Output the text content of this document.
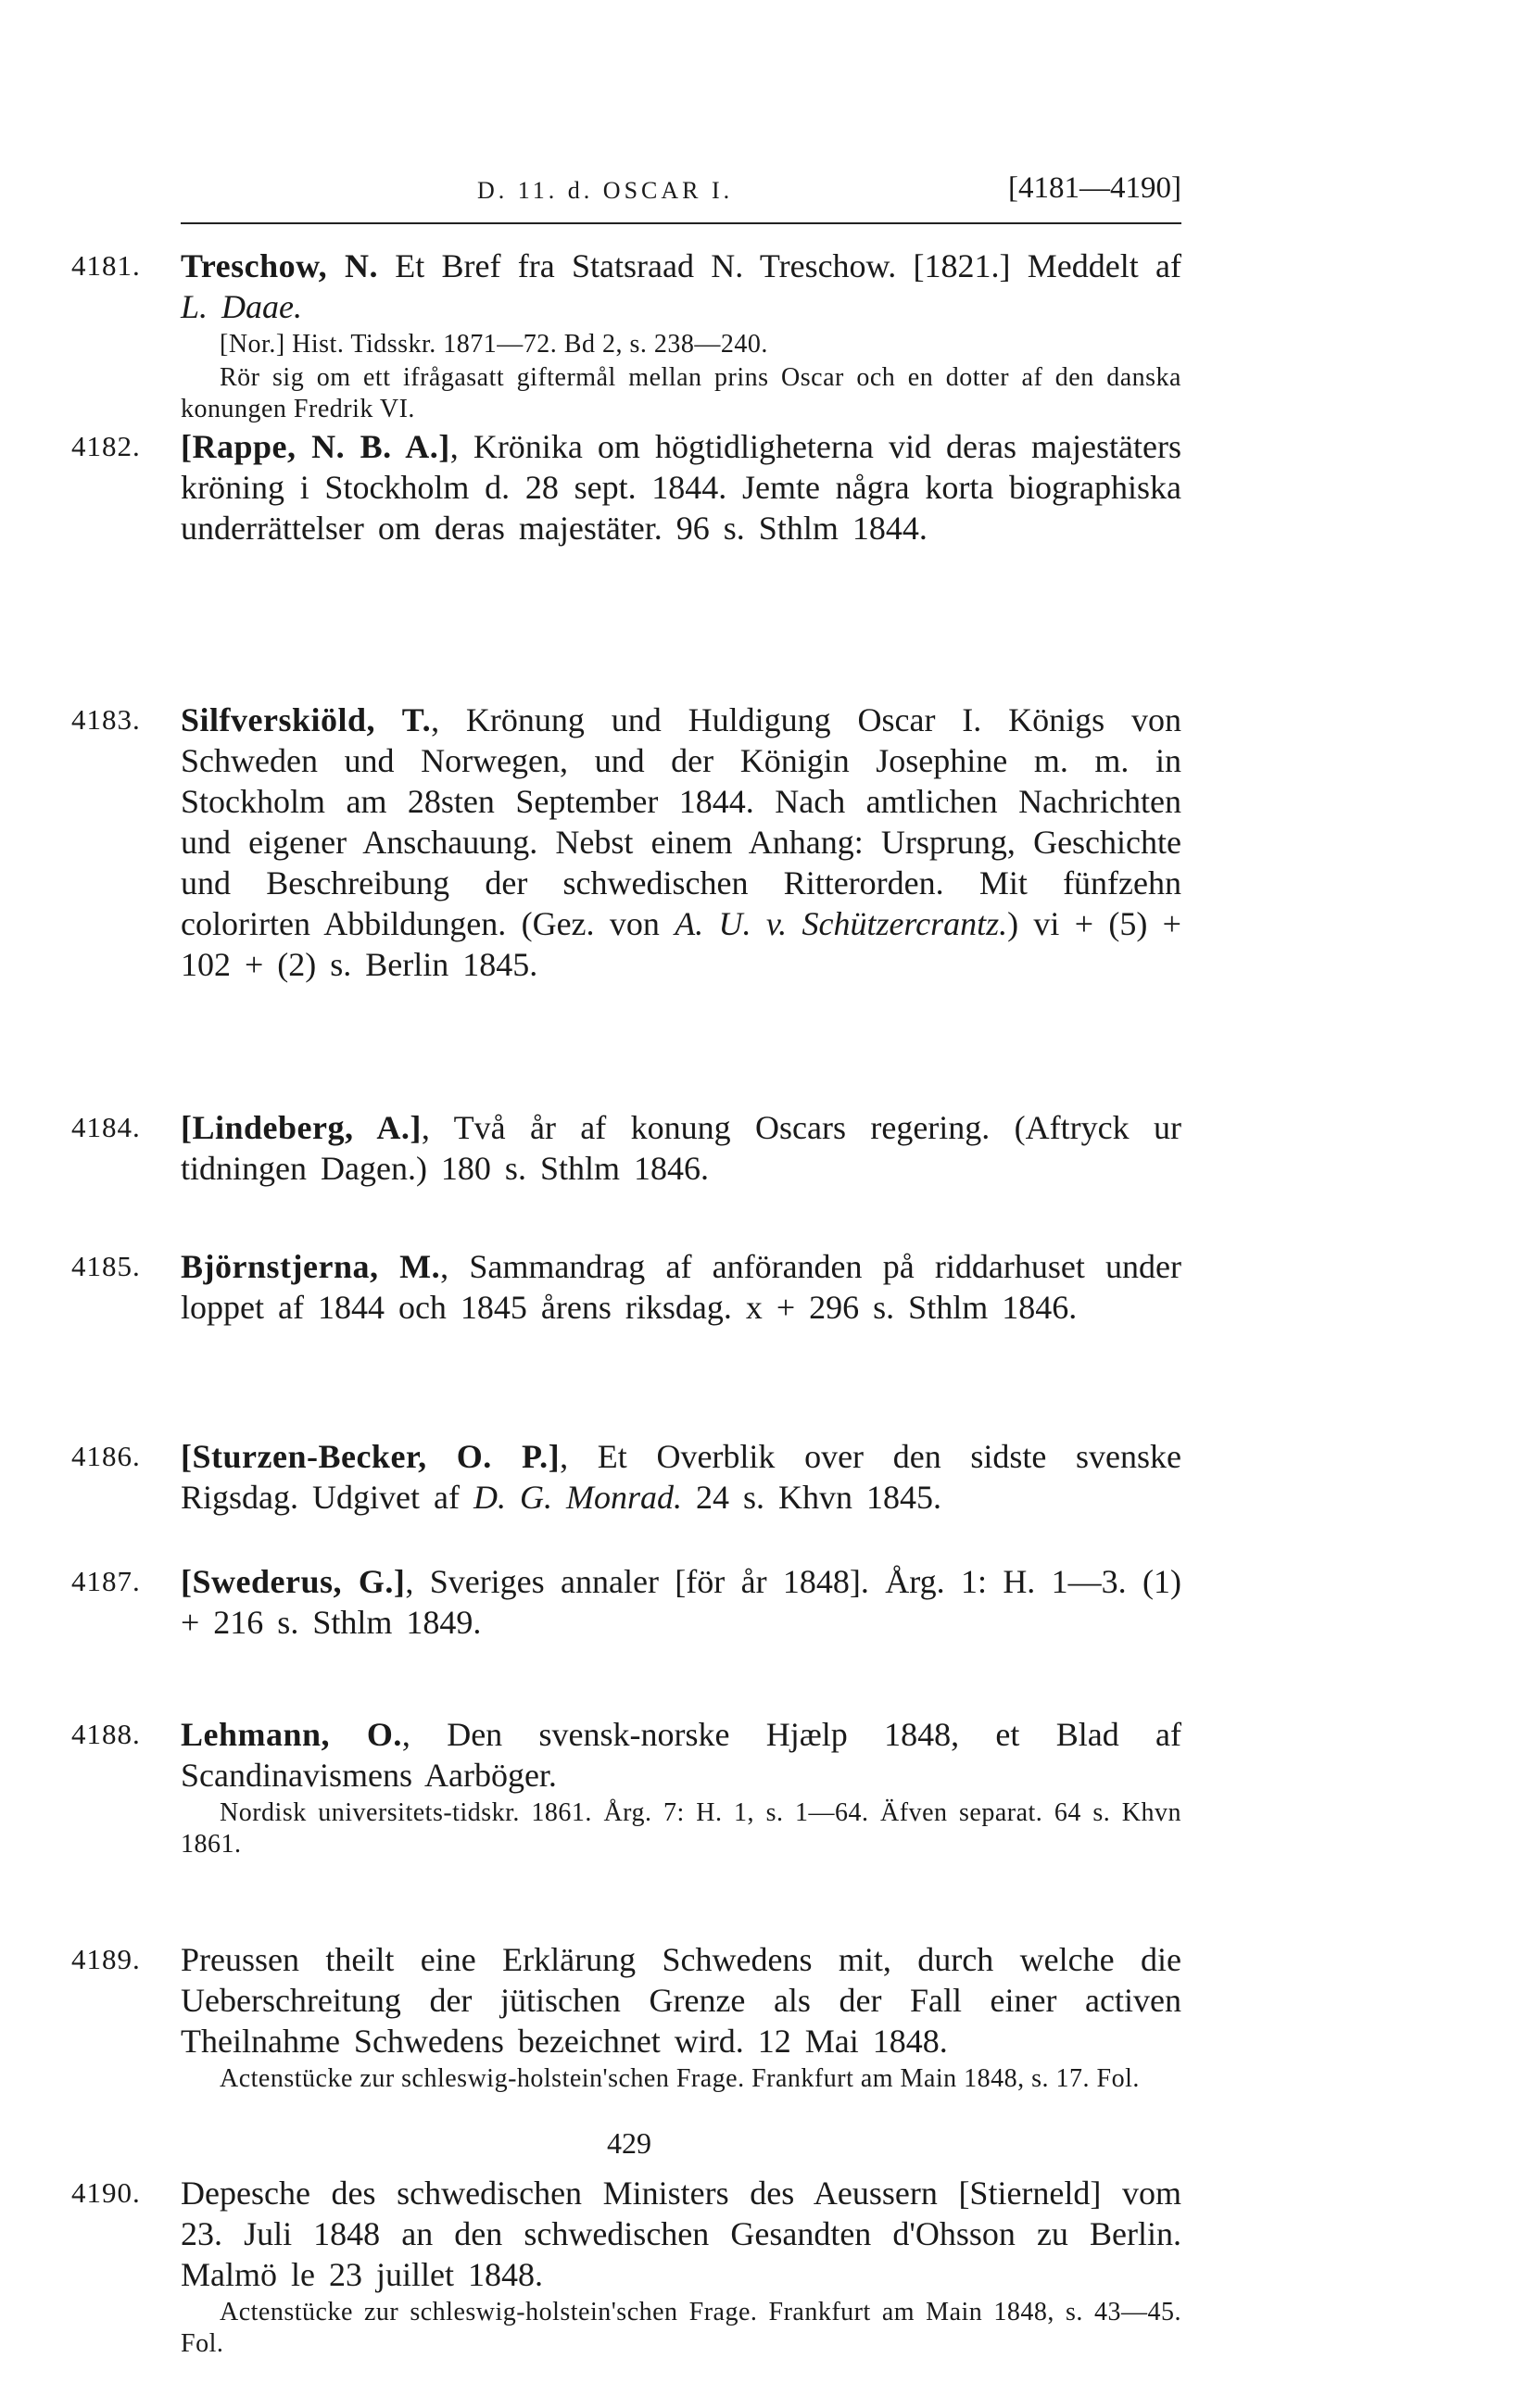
D. 11. d. OSCAR I.	[4181—4190]
4181. Treschow, N. Et Bref fra Statsraad N. Treschow. [1821.] Meddelt af L. Daae.
[Nor.] Hist. Tidsskr. 1871—72. Bd 2, s. 238—240.
Rör sig om ett ifrågasatt giftermål mellan prins Oscar och en dotter af den danska konungen Fredrik VI.
4182. [Rappe, N. B. A.], Krönika om högtidligheterna vid deras majestäters kröning i Stockholm d. 28 sept. 1844. Jemte några korta biographiska underrättelser om deras majestäter. 96 s. Sthlm 1844.
4183. Silfverskiöld, T., Krönung und Huldigung Oscar I. Königs von Schweden und Norwegen, und der Königin Josephine m. m. in Stockholm am 28sten September 1844. Nach amtlichen Nachrichten und eigener Anschauung. Nebst einem Anhang: Ursprung, Geschichte und Beschreibung der schwedischen Ritterorden. Mit fünfzehn colorirten Abbildungen. (Gez. von A. U. v. Schützercrantz.) vi + (5) + 102 + (2) s. Berlin 1845.
4184. [Lindeberg, A.], Två år af konung Oscars regering. (Aftryck ur tidningen Dagen.) 180 s. Sthlm 1846.
4185. Björnstjerna, M., Sammandrag af anföranden på riddarhuset under loppet af 1844 och 1845 årens riksdag. x + 296 s. Sthlm 1846.
4186. [Sturzen-Becker, O. P.], Et Overblik over den sidste svenske Rigsdag. Udgivet af D. G. Monrad. 24 s. Khvn 1845.
4187. [Swederus, G.], Sveriges annaler [för år 1848]. Årg. 1: H. 1—3. (1) + 216 s. Sthlm 1849.
4188. Lehmann, O., Den svensk-norske Hjælp 1848, et Blad af Scandinavismens Aarböger.
Nordisk universitets-tidskr. 1861. Årg. 7: H. 1, s. 1—64. Äfven separat. 64 s. Khvn 1861.
4189. Preussen theilt eine Erklärung Schwedens mit, durch welche die Ueberschreitung der jütischen Grenze als der Fall einer activen Theilnahme Schwedens bezeichnet wird. 12 Mai 1848.
Actenstücke zur schleswig-holstein'schen Frage. Frankfurt am Main 1848, s. 17. Fol.
4190. Depesche des schwedischen Ministers des Aeussern [Stierneld] vom 23. Juli 1848 an den schwedischen Gesandten d'Ohsson zu Berlin. Malmö le 23 juillet 1848.
Actenstücke zur schleswig-holstein'schen Frage. Frankfurt am Main 1848, s. 43—45. Fol.
429
